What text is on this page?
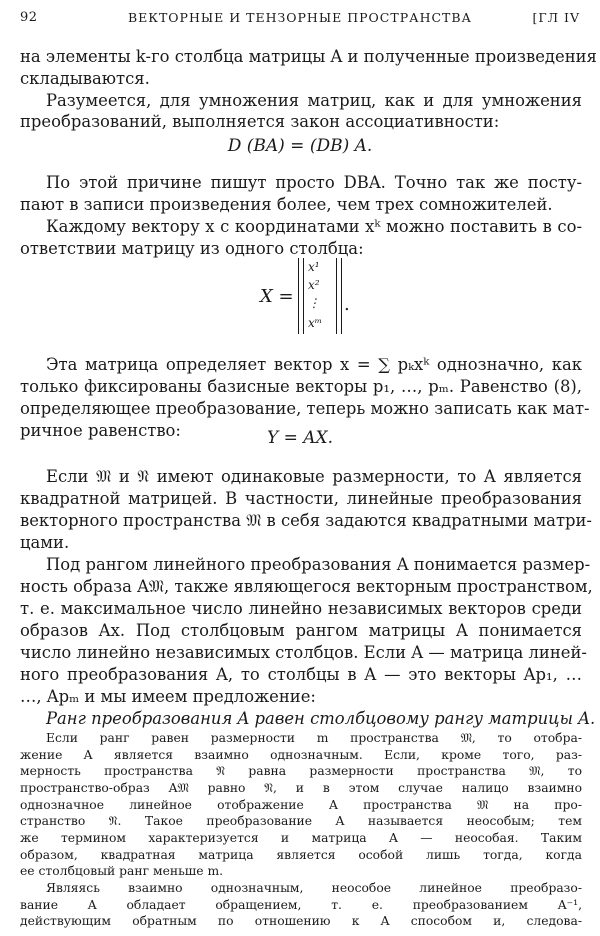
92	ВЕКТОРНЫЕ И ТЕНЗОРНЫЕ ПРОСТРАНСТВА	[ГЛ IV
на элементы k-го столбца матрицы A и полученные произведения
складываются.
Разумеется, для умножения матриц, как и для умножения
преобразований, выполняется закон ассоциативности:
D (BA) = (DB) A.
По этой причине пишут просто DBA. Точно так же посту-
пают в записи произведения более, чем трех сомножителей.
Каждому вектору x с координатами xᵏ можно поставить в со-
ответствии матрицу из одного столбца:
X =
x¹
x²
⋮
xᵐ
.
Эта матрица определяет вектор x = ∑ pₖxᵏ однозначно, как
только фиксированы базисные векторы p₁, …, pₘ. Равенство (8),
определяющее преобразование, теперь можно записать как мат-
ричное равенство:	Y = AX.
Если 𝔐 и 𝔑 имеют одинаковые размерности, то A является
квадратной матрицей. В частности, линейные преобразования
векторного пространства 𝔐 в себя задаются квадратными матри-
цами.
Под рангом линейного преобразования A понимается размер-
ность образа A𝔐, также являющегося векторным пространством,
т. е. максимальное число линейно независимых векторов среди
образов Ax. Под столбцовым рангом матрицы A понимается
число линейно независимых столбцов. Если A — матрица линей-
ного преобразования A, то столбцы в A — это векторы Ap₁, …
…, Apₘ и мы имеем предложение:
Ранг преобразования A равен столбцовому рангу матрицы A.
Если ранг равен размерности m пространства 𝔐, то отобра-
жение A является взаимно однозначным. Если, кроме того, раз-
мерность пространства 𝔑 равна размерности пространства 𝔐, то
пространство-образ A𝔐 равно 𝔑, и в этом случае налицо взаимно
однозначное линейное отображение A пространства 𝔐 на про-
странство 𝔑. Такое преобразование A называется неособым; тем
же термином характеризуется и матрица A — неособая. Таким
образом, квадратная матрица является особой лишь тогда, когда
ее столбцовый ранг меньше m.
Являясь взаимно однозначным, неособое линейное преобразо-
вание A обладает обращением, т. е. преобразованием A⁻¹,
действующим обратным по отношению к A способом и, следова-
